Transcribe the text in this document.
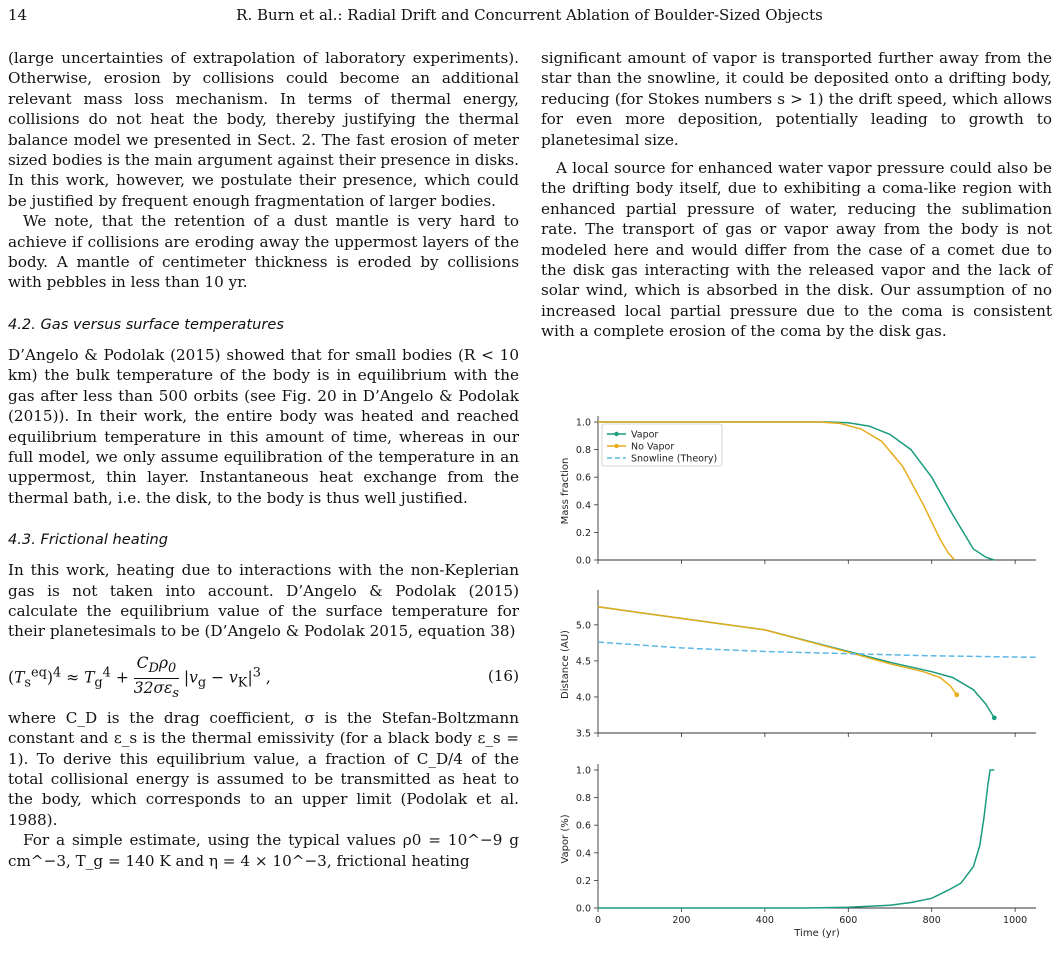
14	R. Burn et al.: Radial Drift and Concurrent Ablation of Boulder-Sized Objects

(large uncertainties of extrapolation of laboratory experiments). Otherwise, erosion by collisions could become an additional relevant mass loss mechanism. In terms of thermal energy, collisions do not heat the body, thereby justifying the thermal balance model we presented in Sect. 2. The fast erosion of meter sized bodies is the main argument against their presence in disks. In this work, however, we postulate their presence, which could be justified by frequent enough fragmentation of larger bodies.

We note, that the retention of a dust mantle is very hard to achieve if collisions are eroding away the uppermost layers of the body. A mantle of centimeter thickness is eroded by collisions with pebbles in less than 10 yr.

4.2. Gas versus surface temperatures

D’Angelo & Podolak (2015) showed that for small bodies (R < 10 km) the bulk temperature of the body is in equilibrium with the gas after less than 500 orbits (see Fig. 20 in D’Angelo & Podolak (2015)). In their work, the entire body was heated and reached equilibrium temperature in this amount of time, whereas in our full model, we only assume equilibration of the temperature in an uppermost, thin layer. Instantaneous heat exchange from the thermal bath, i.e. the disk, to the body is thus well justified.

4.3. Frictional heating

In this work, heating due to interactions with the non-Keplerian gas is not taken into account. D’Angelo & Podolak (2015) calculate the equilibrium value of the surface temperature for their planetesimals to be (D’Angelo & Podolak 2015, equation 38)

$(T_s^{eq})^4 \approx T_g^4 + \frac{C_D\rho_0}{32\sigma\varepsilon_s} |v_g - v_K|^3$ ,	(16)

where C_D is the drag coefficient, σ is the Stefan-Boltzmann constant and ε_s is the thermal emissivity (for a black body ε_s = 1). To derive this equilibrium value, a fraction of C_D/4 of the total collisional energy is assumed to be transmitted as heat to the body, which corresponds to an upper limit (Podolak et al. 1988).

For a simple estimate, using the typical values ρ0 = 10^−9 g cm^−3, T_g = 140 K and η = 4 × 10^−3, frictional heating

significant amount of vapor is transported further away from the star than the snowline, it could be deposited onto a drifting body, reducing (for Stokes numbers s > 1) the drift speed, which allows for even more deposition, potentially leading to growth to planetesimal size.

A local source for enhanced water vapor pressure could also be the drifting body itself, due to exhibiting a coma-like region with enhanced partial pressure of water, reducing the sublimation rate. The transport of gas or vapor away from the body is not modeled here and would differ from the case of a comet due to the disk gas interacting with the released vapor and the lack of solar wind, which is absorbed in the disk. Our assumption of no increased local partial pressure due to the coma is consistent with a complete erosion of the coma by the disk gas.

0.0
0.2
0.4
0.6
0.8
1.0
Mass fraction
Vapor
No Vapor
Snowline (Theory)
3.5
4.0
4.5
5.0
Distance (AU)
0.0
0.2
0.4
0.6
0.8
1.0
0	200	400	600	800	1000
Vapor (%)
Time (yr)
